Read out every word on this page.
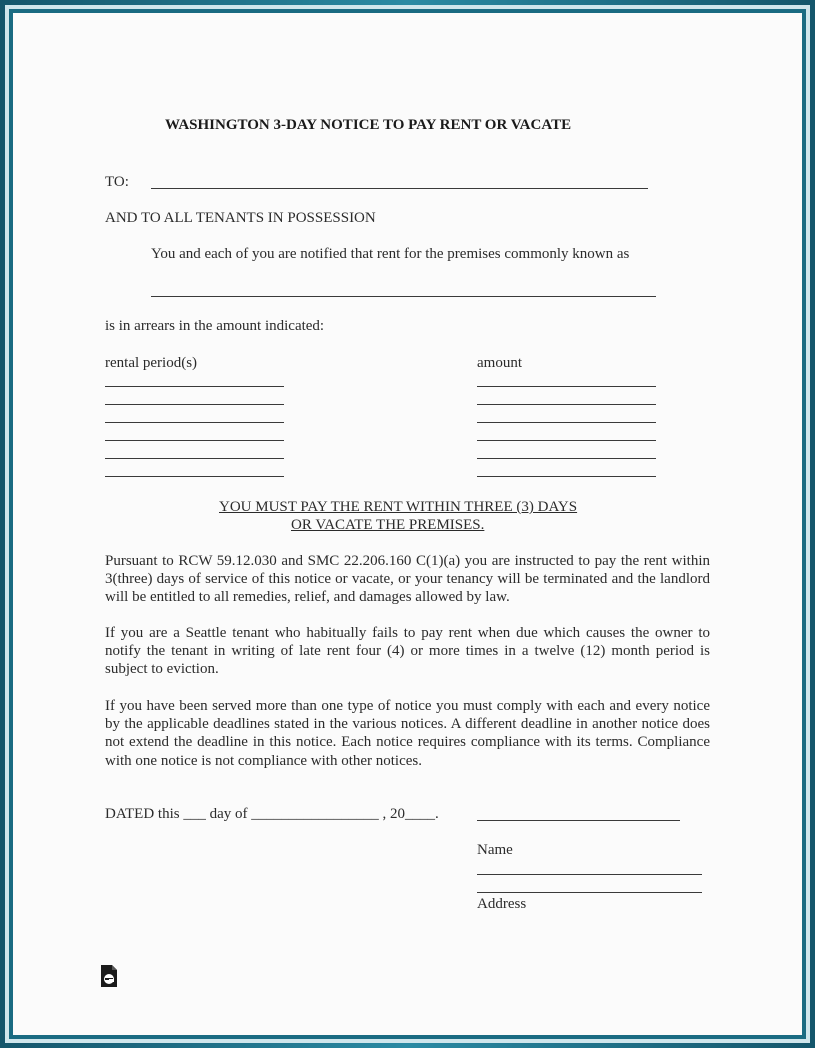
WASHINGTON 3-DAY NOTICE TO PAY RENT OR VACATE
TO:
AND TO ALL TENANTS IN POSSESSION
You and each of you are notified that rent for the premises commonly known as
is in arrears in the amount indicated:
rental period(s)	amount
YOU MUST PAY THE RENT WITHIN THREE (3) DAYS
OR VACATE THE PREMISES.
Pursuant to RCW 59.12.030 and SMC 22.206.160 C(1)(a) you are instructed to pay the rent within 3(three) days of service of this notice or vacate, or your tenancy will be terminated and the landlord will be entitled to all remedies, relief, and damages allowed by law.
If you are a Seattle tenant who habitually fails to pay rent when due which causes the owner to notify the tenant in writing of late rent four (4) or more times in a twelve (12) month period is subject to eviction.
If you have been served more than one type of notice you must comply with each and every notice by the applicable deadlines stated in the various notices. A different deadline in another notice does not extend the deadline in this notice. Each notice requires compliance with its terms. Compliance with one notice is not compliance with other notices.
DATED this ___ day of _________________ , 20____.
Name
Address
